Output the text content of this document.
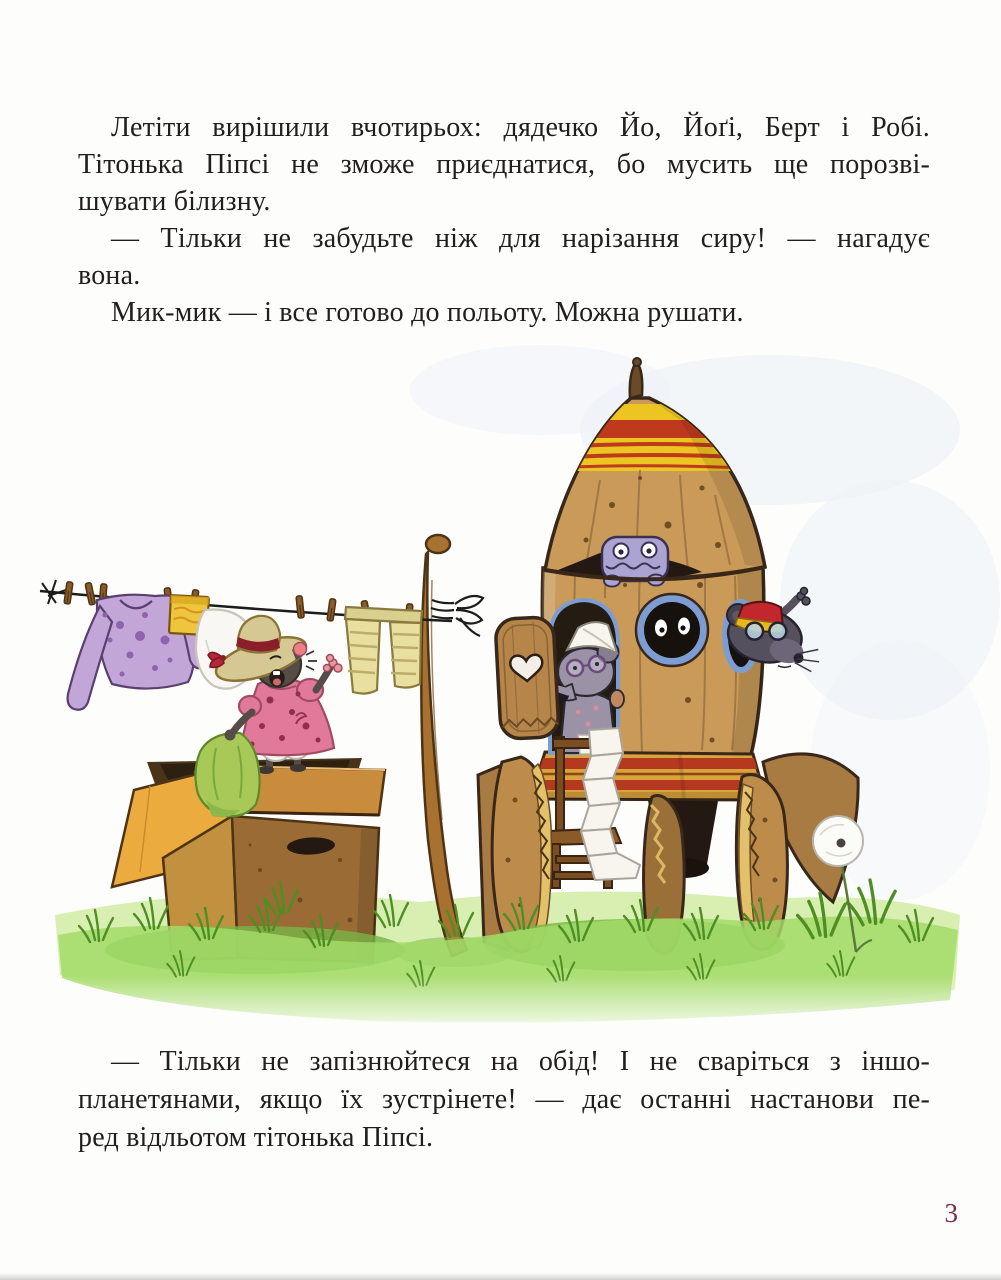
Летіти вирішили вчотирьох: дядечко Йо, Йоґі, Берт і Робі.

Тітонька Піпсі не зможе приєднатися, бо мусить ще порозві-

шувати білизну.

— Тільки не забудьте ніж для нарізання сиру! — нагадує

вона.

Мик-мик — і все готово до польоту. Можна рушати.

— Тільки не запізнюйтеся на обід! І не сваріться з іншо-

планетянами, якщо їх зустрінете! — дає останні настанови пе-

ред відльотом тітонька Піпсі.

3
